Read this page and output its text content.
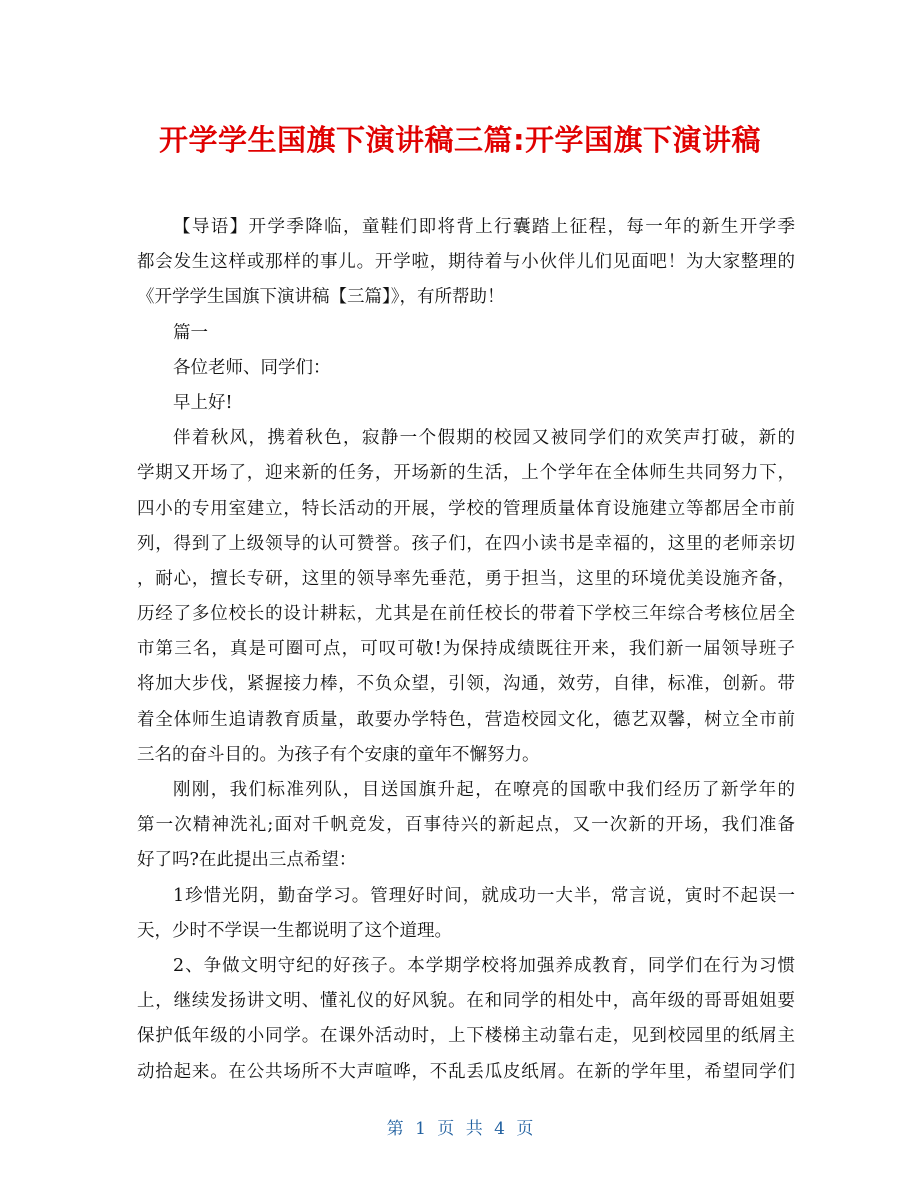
开学学生国旗下演讲稿三篇:开学国旗下演讲稿
【导语】开学季降临，童鞋们即将背上行囊踏上征程，每一年的新生开学季
都会发生这样或那样的事儿。开学啦，期待着与小伙伴儿们见面吧！为大家整理的
《开学学生国旗下演讲稿【三篇】》，有所帮助！
篇一
各位老师、同学们：
早上好!
伴着秋风，携着秋色，寂静一个假期的校园又被同学们的欢笑声打破，新的
学期又开场了，迎来新的任务，开场新的生活，上个学年在全体师生共同努力下，
四小的专用室建立，特长活动的开展，学校的管理质量体育设施建立等都居全市前
列，得到了上级领导的认可赞誉。孩子们，在四小读书是幸福的，这里的老师亲切
，耐心，擅长专研，这里的领导率先垂范，勇于担当，这里的环境优美设施齐备，
历经了多位校长的设计耕耘，尤其是在前任校长的带着下学校三年综合考核位居全
市第三名，真是可圈可点，可叹可敬!为保持成绩既往开来，我们新一届领导班子
将加大步伐，紧握接力棒，不负众望，引领，沟通，效劳，自律，标准，创新。带
着全体师生追请教育质量，敢要办学特色，营造校园文化，德艺双馨，树立全市前
三名的奋斗目的。为孩子有个安康的童年不懈努力。
刚刚，我们标准列队，目送国旗升起，在嘹亮的国歌中我们经历了新学年的
第一次精神洗礼;面对千帆竞发，百事待兴的新起点，又一次新的开场，我们准备
好了吗?在此提出三点希望：
1珍惜光阴，勤奋学习。管理好时间，就成功一大半，常言说，寅时不起误一
天，少时不学误一生都说明了这个道理。
2、争做文明守纪的好孩子。本学期学校将加强养成教育，同学们在行为习惯
上，继续发扬讲文明、懂礼仪的好风貌。在和同学的相处中，高年级的哥哥姐姐要
保护低年级的小同学。在课外活动时，上下楼梯主动靠右走，见到校园里的纸屑主
动拾起来。在公共场所不大声喧哗，不乱丢瓜皮纸屑。在新的学年里，希望同学们
第 1 页 共 4 页
